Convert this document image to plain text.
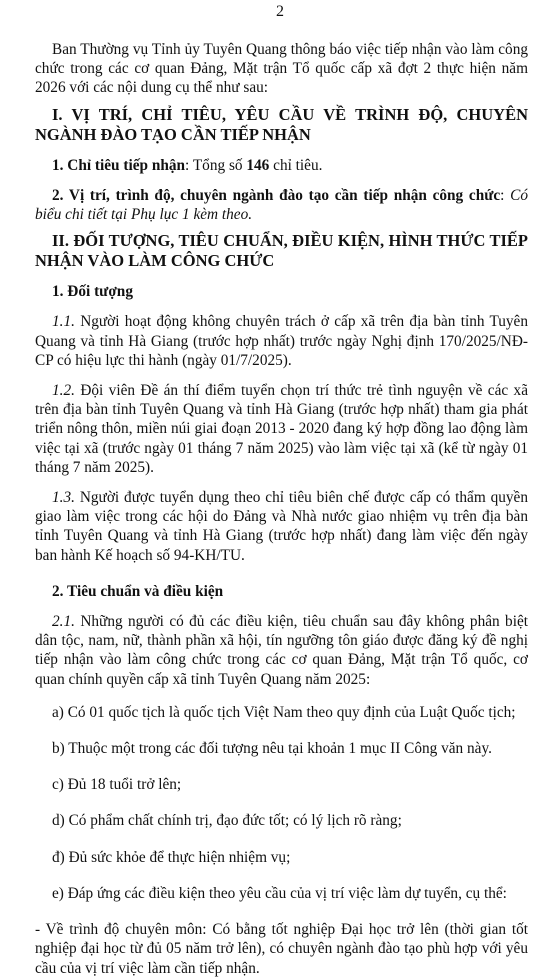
2

Ban Thường vụ Tỉnh ủy Tuyên Quang thông báo việc tiếp nhận vào làm công chức trong các cơ quan Đảng, Mặt trận Tổ quốc cấp xã đợt 2 thực hiện năm 2026 với các nội dung cụ thể như sau:

I. VỊ TRÍ, CHỈ TIÊU, YÊU CẦU VỀ TRÌNH ĐỘ, CHUYÊN NGÀNH ĐÀO TẠO CẦN TIẾP NHẬN

1. Chỉ tiêu tiếp nhận: Tổng số 146 chỉ tiêu.

2. Vị trí, trình độ, chuyên ngành đào tạo cần tiếp nhận công chức: Có biểu chi tiết tại Phụ lục 1 kèm theo.

II. ĐỐI TƯỢNG, TIÊU CHUẨN, ĐIỀU KIỆN, HÌNH THỨC TIẾP NHẬN VÀO LÀM CÔNG CHỨC

1. Đối tượng

1.1. Người hoạt động không chuyên trách ở cấp xã trên địa bàn tỉnh Tuyên Quang và tỉnh Hà Giang (trước hợp nhất) trước ngày Nghị định 170/2025/NĐ-CP có hiệu lực thi hành (ngày 01/7/2025).

1.2. Đội viên Đề án thí điểm tuyển chọn trí thức trẻ tình nguyện về các xã trên địa bàn tỉnh Tuyên Quang và tỉnh Hà Giang (trước hợp nhất) tham gia phát triển nông thôn, miền núi giai đoạn 2013 - 2020 đang ký hợp đồng lao động làm việc tại xã (trước ngày 01 tháng 7 năm 2025) vào làm việc tại xã (kể từ ngày 01 tháng 7 năm 2025).

1.3. Người được tuyển dụng theo chỉ tiêu biên chế được cấp có thẩm quyền giao làm việc trong các hội do Đảng và Nhà nước giao nhiệm vụ trên địa bàn tỉnh Tuyên Quang và tỉnh Hà Giang (trước hợp nhất) đang làm việc đến ngày ban hành Kế hoạch số 94-KH/TU.

2. Tiêu chuẩn và điều kiện

2.1. Những người có đủ các điều kiện, tiêu chuẩn sau đây không phân biệt dân tộc, nam, nữ, thành phần xã hội, tín ngưỡng tôn giáo được đăng ký đề nghị tiếp nhận vào làm công chức trong các cơ quan Đảng, Mặt trận Tổ quốc, cơ quan chính quyền cấp xã tỉnh Tuyên Quang năm 2025:

a) Có 01 quốc tịch là quốc tịch Việt Nam theo quy định của Luật Quốc tịch;

b) Thuộc một trong các đối tượng nêu tại khoản 1 mục II Công văn này.

c) Đủ 18 tuổi trở lên;

d) Có phẩm chất chính trị, đạo đức tốt; có lý lịch rõ ràng;

đ) Đủ sức khỏe để thực hiện nhiệm vụ;

e) Đáp ứng các điều kiện theo yêu cầu của vị trí việc làm dự tuyển, cụ thể:

- Về trình độ chuyên môn: Có bằng tốt nghiệp Đại học trở lên (thời gian tốt nghiệp đại học từ đủ 05 năm trở lên), có chuyên ngành đào tạo phù hợp với yêu cầu của vị trí việc làm cần tiếp nhận.
